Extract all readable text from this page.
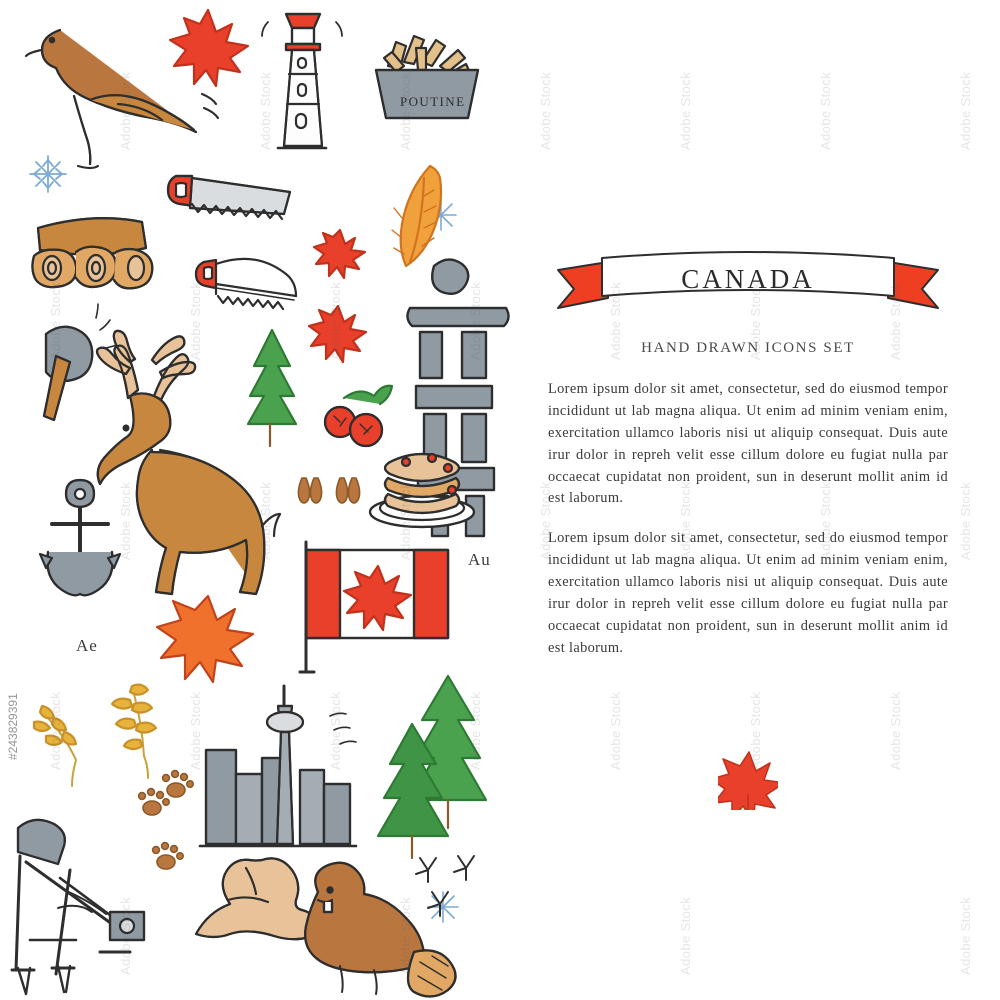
POUTINE
Au
Ae
CANADA
HAND DRAWN ICONS SET
Lorem ipsum dolor sit amet, consectetur, sed do eiusmod tempor incididunt ut lab magna aliqua. Ut enim ad minim veniam enim, exercitation ullamco laboris nisi ut aliquip consequat. Duis aute irur dolor in repreh velit esse cillum dolore eu fugiat nulla par occaecat cupidatat non proident, sun in deserunt mollit anim id est laborum.
Lorem ipsum dolor sit amet, consectetur, sed do eiusmod tempor incididunt ut lab magna aliqua. Ut enim ad minim veniam enim, exercitation ullamco laboris nisi ut aliquip consequat. Duis aute irur dolor in repreh velit esse cillum dolore eu fugiat nulla par occaecat cupidatat non proident, sun in deserunt mollit anim id est laborum.
Adobe Stock	Adobe Stock	Adobe Stock	Adobe Stock	Adobe Stock
Adobe Stock	Adobe Stock	Adobe Stock	Adobe Stock	Adobe Stock	Adobe Stock
Adobe Stock	Adobe Stock	Adobe Stock	Adobe Stock	Adobe Stock
Adobe Stock	Adobe Stock	Adobe Stock	Adobe Stock	Adobe Stock	Adobe Stock	Adobe Stock
Adobe Stock	Adobe Stock
#243829391
